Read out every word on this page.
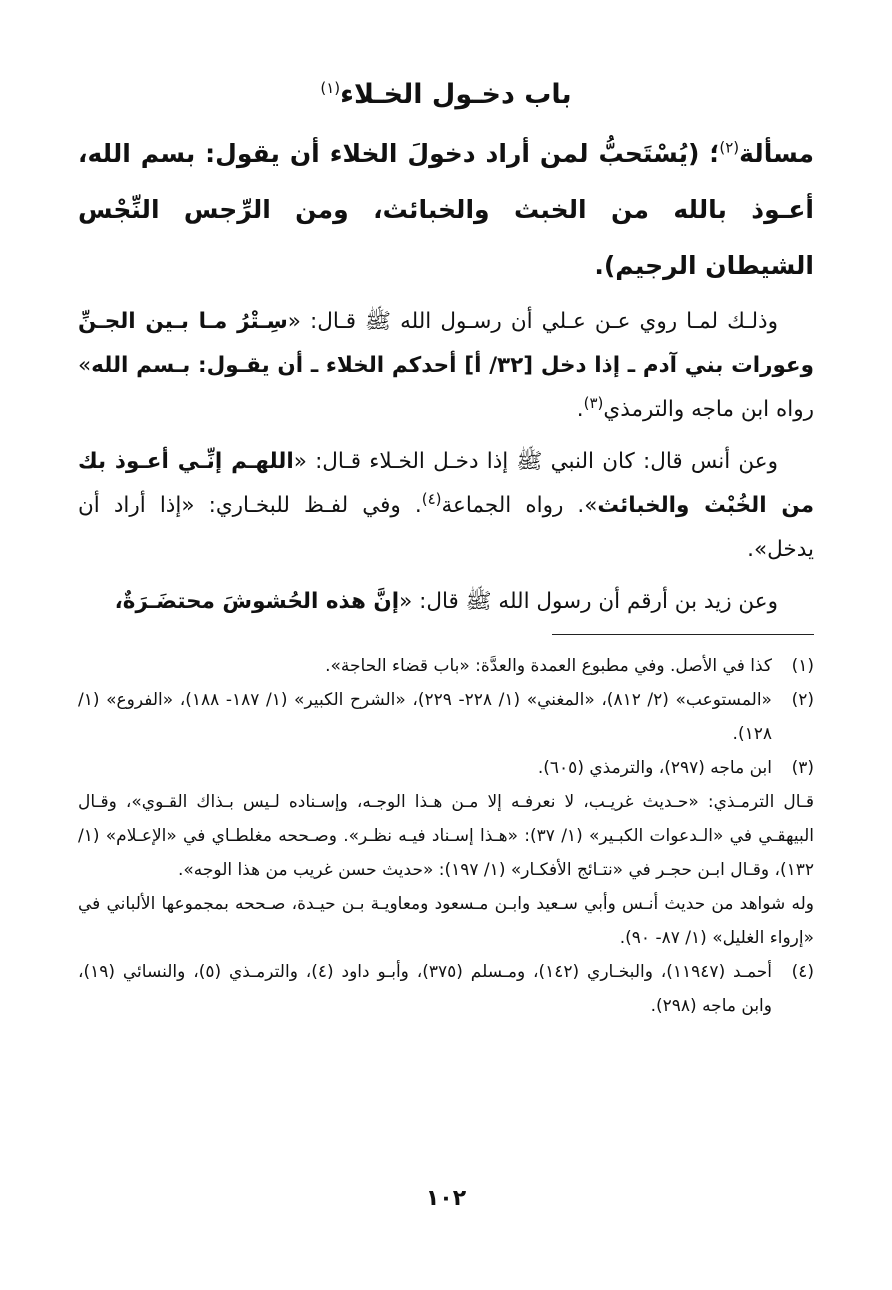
باب دخـول الخـلاء$^{(١)}$

مسألة$^{(٢)}$؛ (يُسْتَحبُّ لمن أراد دخولَ الخلاء أن يقول: بسم الله، أعـوذ بالله من الخبث والخبائث، ومن الرِّجس النِّجْس الشيطان الرجيم).

وذلـك لمـا روي عـن عـلي أن رسـول الله ﷺ قـال: «سِـتْرُ مـا بـين الجـنِّ وعورات بني آدم ـ إذا دخل [٣٢/ أ] أحدكم الخلاء ـ أن يقـول: بـسم الله» رواه ابن ماجه والترمذي$^{(٣)}$.

وعن أنس قال: كان النبي ﷺ إذا دخـل الخـلاء قـال: «اللهـم إنِّـي أعـوذ بك من الخُبْث والخبائث». رواه الجماعة$^{(٤)}$. وفي لفـظ للبخـاري: «إذا أراد أن يدخل».

وعن زيد بن أرقم أن رسول الله ﷺ قال: «إنَّ هذه الحُشوشَ محتضَـرَةٌ،

(١)
كذا في الأصل. وفي مطبوع العمدة والعدَّة: «باب قضاء الحاجة».
(٢)
«المستوعب» (٢/ ٨١٢)، «المغني» (١/ ٢٢٨- ٢٢٩)، «الشرح الكبير» (١/ ١٨٧- ١٨٨)، «الفروع» (١/ ١٢٨).
(٣)
ابن ماجه (٢٩٧)، والترمذي (٦٠٥).
قـال الترمـذي: «حـديث غريـب، لا نعرفـه إلا مـن هـذا الوجـه، وإسـناده لـيس بـذاك القـوي»، وقـال البيهقـي في «الـدعوات الكبـير» (١/ ٣٧): «هـذا إسـناد فيـه نظـر». وصـححه مغلطـاي في «الإعـلام» (١/ ١٣٢)، وقـال ابـن حجـر في «نتـائج الأفكـار» (١/ ١٩٧): «حديث حسن غريب من هذا الوجه».
وله شواهد من حديث أنـس وأبي سـعيد وابـن مـسعود ومعاويـة بـن حيـدة، صـححه بمجموعها الألباني في «إرواء الغليل» (١/ ٨٧- ٩٠).
(٤)
أحمـد (١١٩٤٧)، والبخـاري (١٤٢)، ومـسلم (٣٧٥)، وأبـو داود (٤)، والترمـذي (٥)، والنسائي (١٩)، وابن ماجه (٢٩٨).
١٠٢
